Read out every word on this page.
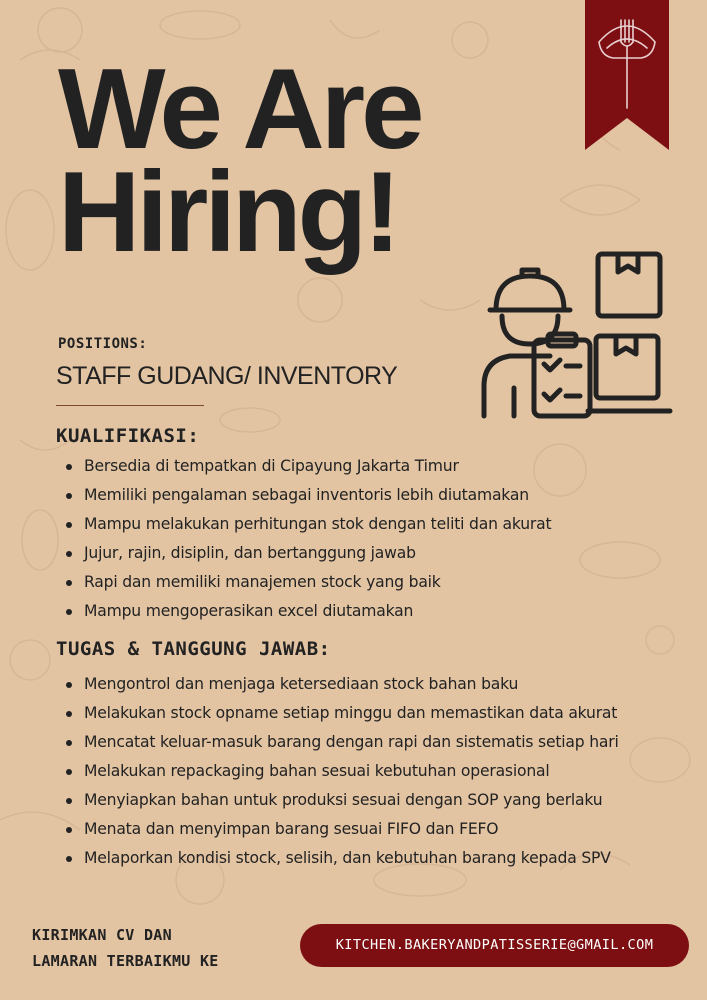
We Are
Hiring!
POSITIONS:
STAFF GUDANG/ INVENTORY
KUALIFIKASI:
Bersedia di tempatkan di Cipayung Jakarta Timur
Memiliki pengalaman sebagai inventoris lebih diutamakan
Mampu melakukan perhitungan stok dengan teliti dan akurat
Jujur, rajin, disiplin, dan bertanggung jawab
Rapi dan memiliki manajemen stock yang baik
Mampu mengoperasikan excel diutamakan
TUGAS & TANGGUNG JAWAB:
Mengontrol dan menjaga ketersediaan stock bahan baku
Melakukan stock opname setiap minggu dan memastikan data akurat
Mencatat keluar-masuk barang dengan rapi dan sistematis setiap hari
Melakukan repackaging bahan sesuai kebutuhan operasional
Menyiapkan bahan untuk produksi sesuai dengan SOP yang berlaku
Menata dan menyimpan barang sesuai FIFO dan FEFO
Melaporkan kondisi stock, selisih, dan kebutuhan barang kepada SPV
KIRIMKAN CV DAN
LAMARAN TERBAIKMU KE
KITCHEN.BAKERYANDPATISSERIE@GMAIL.COM
